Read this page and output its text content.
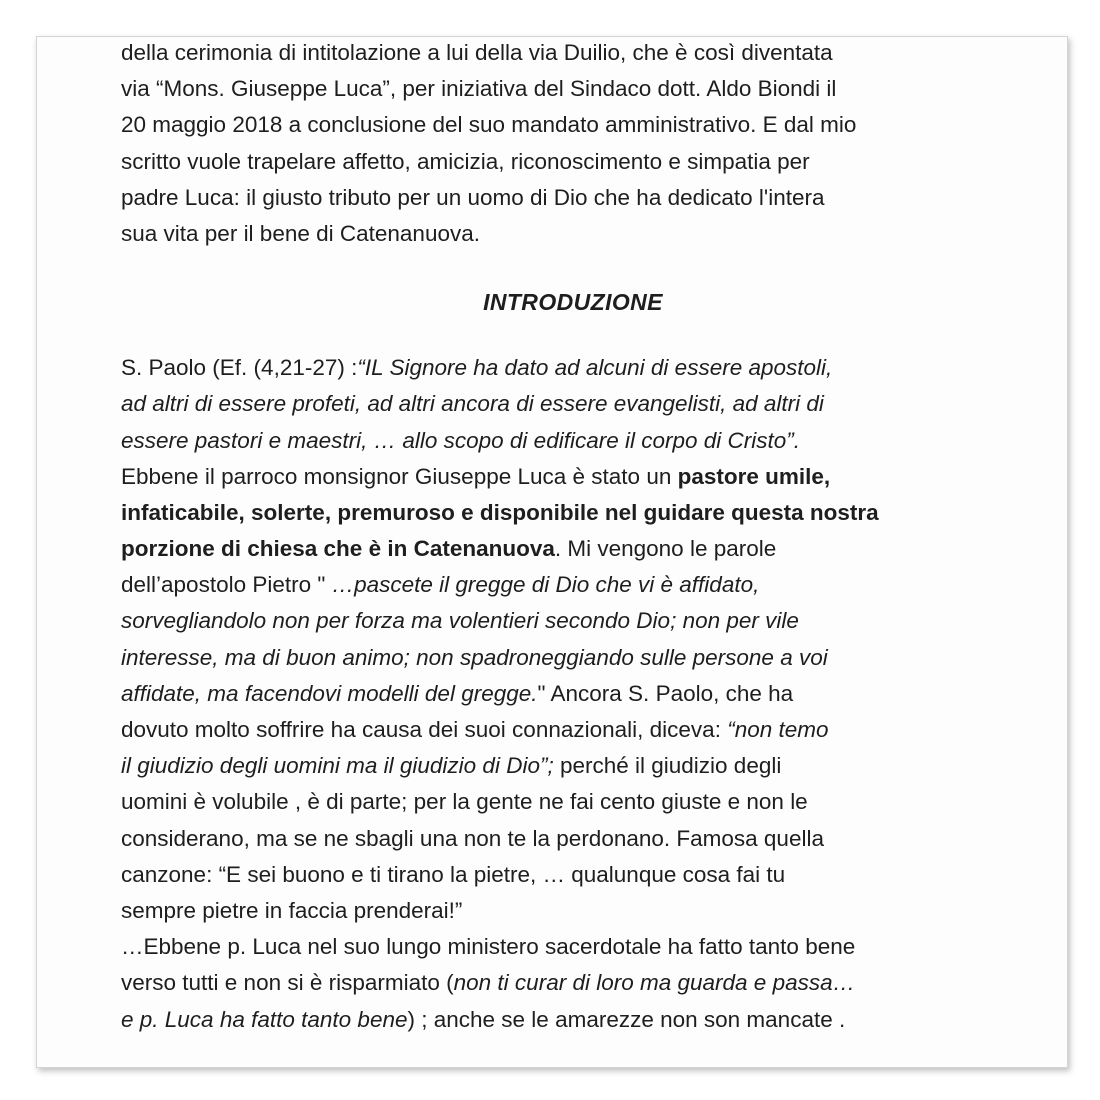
della cerimonia di intitolazione a lui della via Duilio, che è così diventata
via “Mons. Giuseppe Luca”, per iniziativa del Sindaco dott. Aldo Biondi il
20 maggio 2018 a conclusione del suo mandato amministrativo. E dal mio
scritto vuole trapelare affetto, amicizia, riconoscimento e simpatia per
padre Luca: il giusto tributo per un uomo di Dio che ha dedicato l'intera
sua vita per il bene di Catenanuova.
INTRODUZIONE
S. Paolo (Ef. (4,21-27) :“IL Signore ha dato ad alcuni di essere apostoli,
ad altri di essere profeti, ad altri ancora di essere evangelisti, ad altri di
essere pastori e maestri, … allo scopo di edificare il corpo di Cristo”.
Ebbene il parroco monsignor Giuseppe Luca è stato un pastore umile,
infaticabile, solerte, premuroso e disponibile nel guidare questa nostra
porzione di chiesa che è in Catenanuova. Mi vengono le parole
dell’apostolo Pietro " …pascete il gregge di Dio che vi è affidato,
sorvegliandolo non per forza ma volentieri secondo Dio; non per vile
interesse, ma di buon animo; non spadroneggiando sulle persone a voi
affidate, ma facendovi modelli del gregge." Ancora S. Paolo, che ha
dovuto molto soffrire ha causa dei suoi connazionali, diceva: “non temo
il giudizio degli uomini ma il giudizio di Dio”; perché il giudizio degli
uomini è volubile , è di parte; per la gente ne fai cento giuste e non le
considerano, ma se ne sbagli una non te la perdonano. Famosa quella
canzone: “E sei buono e ti tirano la pietre, … qualunque cosa fai tu
sempre pietre in faccia prenderai!”
…Ebbene p. Luca nel suo lungo ministero sacerdotale ha fatto tanto bene
verso tutti e non si è risparmiato (non ti curar di loro ma guarda e passa…
e p. Luca ha fatto tanto bene) ; anche se le amarezze non son mancate .
